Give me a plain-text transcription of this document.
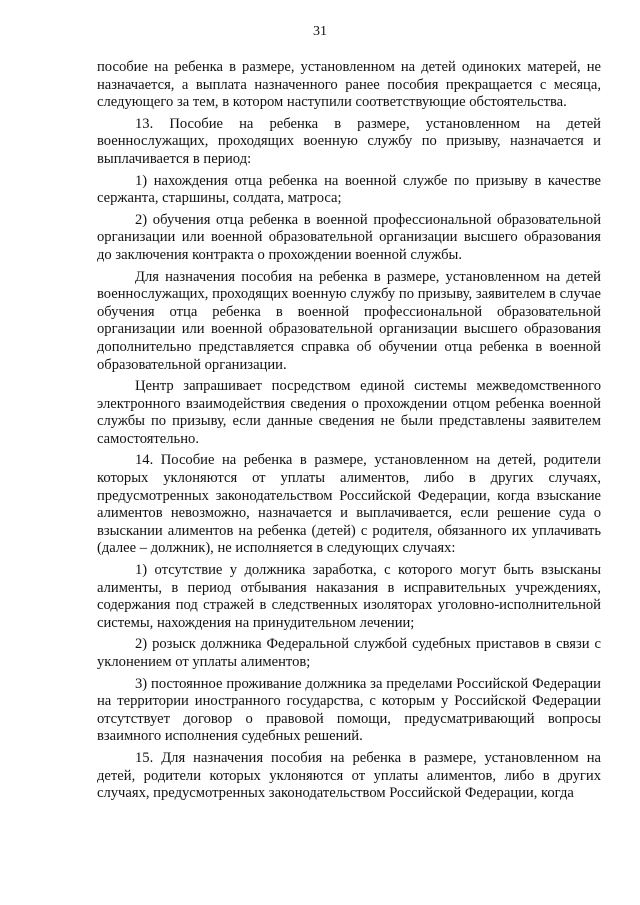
31

пособие на ребенка в размере, установленном на детей одиноких матерей, не назначается, а выплата назначенного ранее пособия прекращается с месяца, следующего за тем, в котором наступили соответствующие обстоятельства.

13. Пособие на ребенка в размере, установленном на детей военнослужащих, проходящих военную службу по призыву, назначается и выплачивается в период:

1) нахождения отца ребенка на военной службе по призыву в качестве сержанта, старшины, солдата, матроса;

2) обучения отца ребенка в военной профессиональной образовательной организации или военной образовательной организации высшего образования до заключения контракта о прохождении военной службы.

Для назначения пособия на ребенка в размере, установленном на детей военнослужащих, проходящих военную службу по призыву, заявителем в случае обучения отца ребенка в военной профессиональной образовательной организации или военной образовательной организации высшего образования дополнительно представляется справка об обучении отца ребенка в военной образовательной организации.

Центр запрашивает посредством единой системы межведомственного электронного взаимодействия сведения о прохождении отцом ребенка военной службы по призыву, если данные сведения не были представлены заявителем самостоятельно.

14. Пособие на ребенка в размере, установленном на детей, родители которых уклоняются от уплаты алиментов, либо в других случаях, предусмотренных законодательством Российской Федерации, когда взыскание алиментов невозможно, назначается и выплачивается, если решение суда о взыскании алиментов на ребенка (детей) с родителя, обязанного их уплачивать (далее – должник), не исполняется в следующих случаях:

1) отсутствие у должника заработка, с которого могут быть взысканы алименты, в период отбывания наказания в исправительных учреждениях, содержания под стражей в следственных изоляторах уголовно-исполнительной системы, нахождения на принудительном лечении;

2) розыск должника Федеральной службой судебных приставов в связи с уклонением от уплаты алиментов;

3) постоянное проживание должника за пределами Российской Федерации на территории иностранного государства, с которым у Российской Федерации отсутствует договор о правовой помощи, предусматривающий вопросы взаимного исполнения судебных решений.

15. Для назначения пособия на ребенка в размере, установленном на детей, родители которых уклоняются от уплаты алиментов, либо в других случаях, предусмотренных законодательством Российской Федерации, когда
